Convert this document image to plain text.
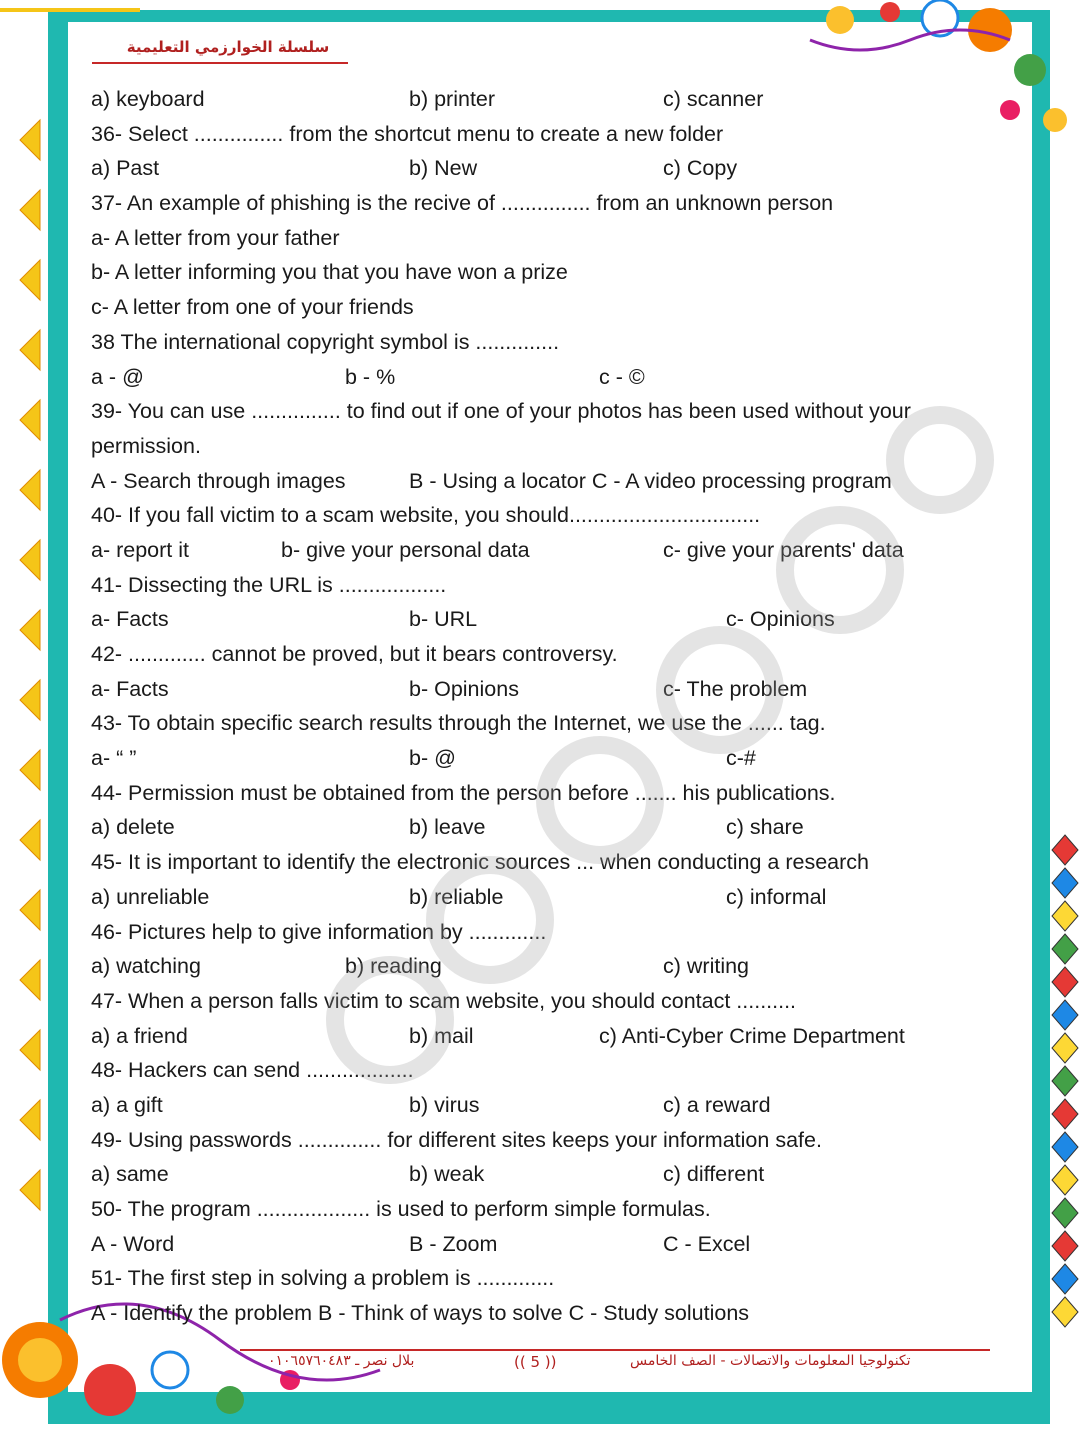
سلسلة الخوارزمي التعليمية
a) keyboard	b) printer	c) scanner
36- Select ............... from the shortcut menu to create a new folder
a) Past	b) New	c) Copy
37- An example of phishing is the recive of ............... from an unknown person
a- A letter from your father
b- A letter informing you that you have won a prize
c- A letter from one of your friends
38 The international copyright symbol is ..............
a - @	b - %	c - ©
39- You can use ............... to find out if one of your photos has been used without your
permission.
A - Search through images	B - Using a locator C - A video processing program
40- If you fall victim to a scam website, you should................................
a- report it	b- give your personal data	c- give your parents' data
41- Dissecting the URL is ..................
a- Facts	b- URL	c- Opinions
42- ............. cannot be proved, but it bears controversy.
a- Facts	b- Opinions	c- The problem
43- To obtain specific search results through the Internet, we use the ...... tag.
a- “ ”	b- @	c-#
44- Permission must be obtained from the person before ....... his publications.
a) delete	b) leave	c) share
45- It is important to identify the electronic sources ... when conducting a research
a) unreliable	b) reliable	c) informal
46- Pictures help to give information by .............
a) watching	b) reading	c) writing
47- When a person falls victim to scam website, you should contact ..........
a) a friend	b) mail	c) Anti-Cyber Crime Department
48- Hackers can send ..................
a) a gift	b) virus	c) a reward
49- Using passwords .............. for different sites keeps your information safe.
a) same	b) weak	c) different
50- The program ................... is used to perform simple formulas.
A - Word	B - Zoom	C - Excel
51- The first step in solving a problem is .............
A - Identify the problem B - Think of ways to solve C - Study solutions
بلال نصر ـ ٠١٠٦٥٧٦٠٤٨٣	(( 5 ))	تكنولوجيا المعلومات والاتصالات - الصف الخامس
